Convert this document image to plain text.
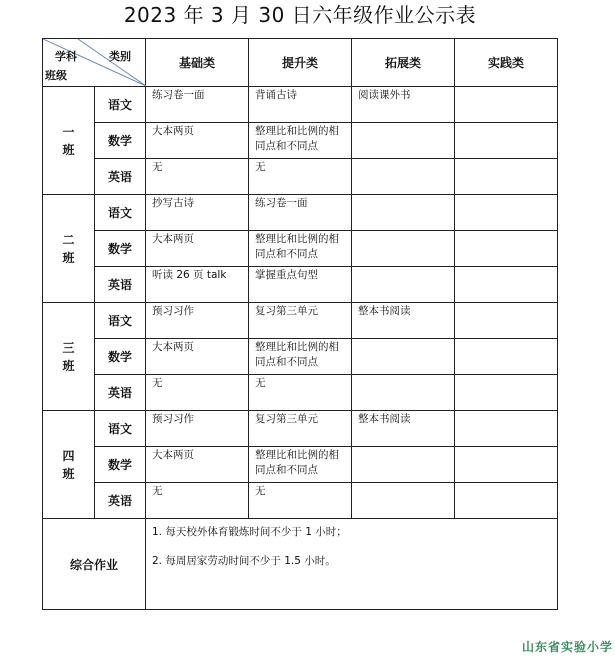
2023 年 3 月 30 日六年级作业公示表
学科 类别
班级		基础类	提升类	拓展类	实践类
一
班	语文	练习卷一面	背诵古诗	阅读课外书	
	数学	大本两页	整理比和比例的相同点和不同点		
	英语	无	无		
二
班	语文	抄写古诗	练习卷一面		
	数学	大本两页	整理比和比例的相同点和不同点		
	英语	听读 26 页 talk	掌握重点句型		
三
班	语文	预习习作	复习第三单元	整本书阅读	
	数学	大本两页	整理比和比例的相同点和不同点		
	英语	无	无		
四
班	语文	预习习作	复习第三单元	整本书阅读	
	数学	大本两页	整理比和比例的相同点和不同点		
	英语	无	无		
综合作业		1. 每天校外体育锻炼时间不少于 1 小时；

2. 每周居家劳动时间不少于 1.5 小时。			

山东省实验小学
